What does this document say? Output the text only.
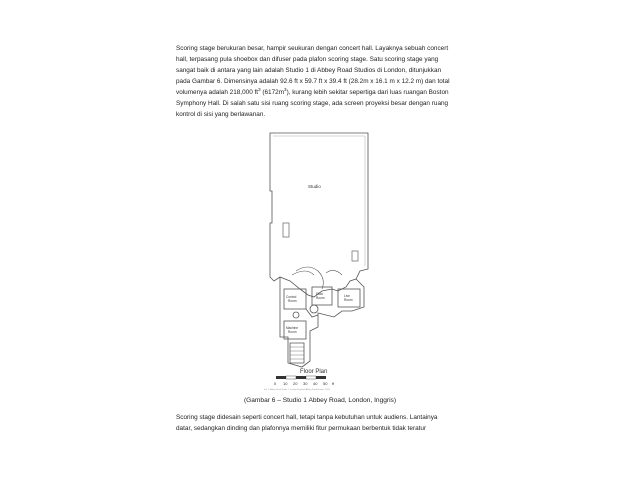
Scoring stage berukuran besar, hampir seukuran dengan concert hall. Layaknya sebuah concert
hall, terpasang pula shoebox dan difuser pada plafon scoring stage. Satu scoring stage yang
sangat baik di antara yang lain adalah Studio 1 di Abbey Road Studios di London, ditunjukkan
pada Gambar 6. Dimensinya adalah 92.6 ft x 59.7 ft x 39.4 ft (28.2m x 16.1 m x 12.2 m) dan total
volumenya adalah 218,000 $ft^3$ $(6172m^3)$, kurang lebih sekitar sepertiga dari luas ruangan Boston
Symphony Hall. Di salah satu sisi ruang scoring stage, ada screen proyeksi besar dengan ruang
kontrol di sisi yang berlawanan.
Studio
Control
Room
Floor
Room	Live
Room
Machine
Room
Floor Plan
0 10 20 30 40 50 ft
Fig. 1: Abbey Road Studio 1, London England (Abbey Road Studios, 2011)
(Gambar 6 – Studio 1 Abbey Road, London, Inggris)
Scoring stage didesain seperti concert hall, tetapi tanpa kebutuhan untuk audiens. Lantainya
datar, sedangkan dinding dan plafonnya memiliki fitur permukaan berbentuk tidak teratur
